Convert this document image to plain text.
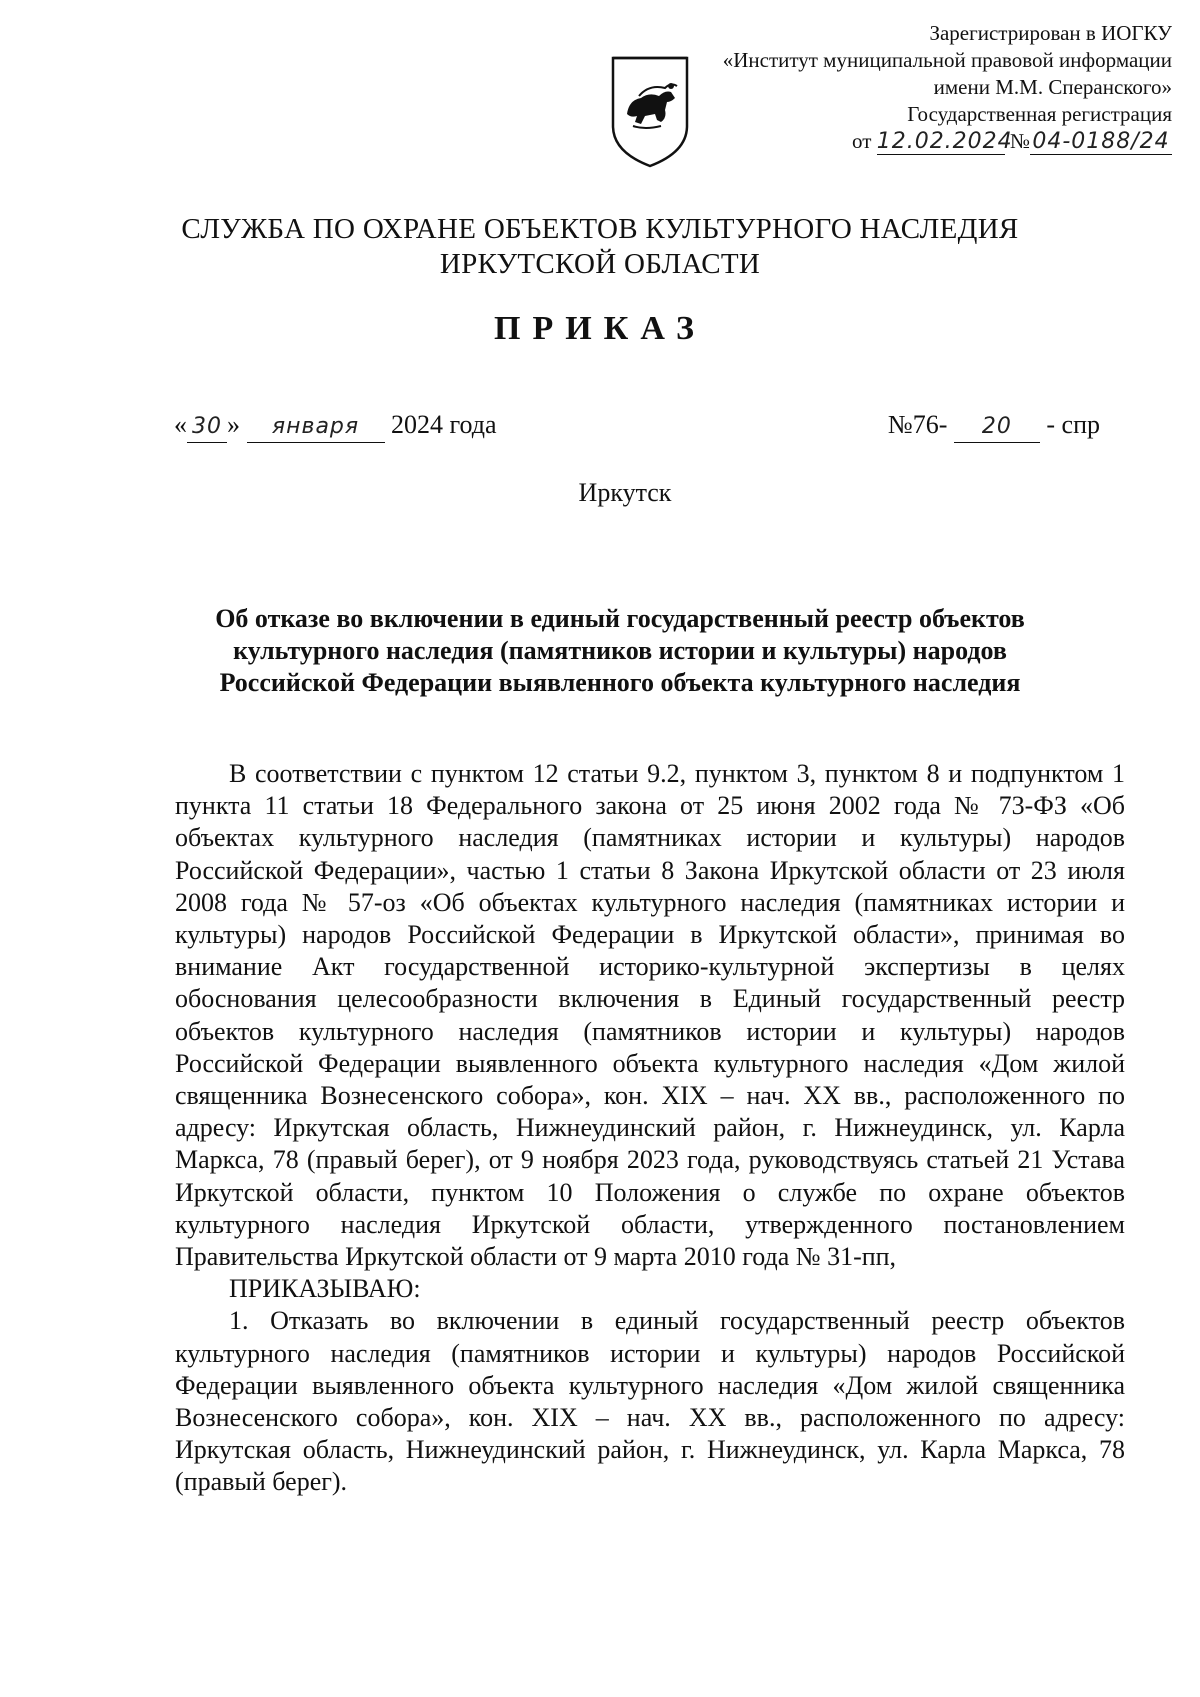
Зарегистрирован в ИОГКУ
«Институт муниципальной правовой информации
имени М.М. Сперанского»
Государственная регистрация
от 12.02.2024 № 04-0188/24
СЛУЖБА ПО ОХРАНЕ ОБЪЕКТОВ КУЛЬТУРНОГО НАСЛЕДИЯ
ИРКУТСКОЙ ОБЛАСТИ
ПРИКАЗ
« 30 » января 2024 года	№76- 20 - спр
Иркутск
Об отказе во включении в единый государственный реестр объектов культурного наследия (памятников истории и культуры) народов Российской Федерации выявленного объекта культурного наследия

В соответствии с пунктом 12 статьи 9.2, пунктом 3, пунктом 8 и подпунктом 1 пункта 11 статьи 18 Федерального закона от 25 июня 2002 года № 73-ФЗ «Об объектах культурного наследия (памятниках истории и культуры) народов Российской Федерации», частью 1 статьи 8 Закона Иркутской области от 23 июля 2008 года № 57-оз «Об объектах культурного наследия (памятниках истории и культуры) народов Российской Федерации в Иркутской области», принимая во внимание Акт государственной историко-культурной экспертизы в целях обоснования целесообразности включения в Единый государственный реестр объектов культурного наследия (памятников истории и культуры) народов Российской Федерации выявленного объекта культурного наследия «Дом жилой священника Вознесенского собора», кон. XIX – нач. XX вв., расположенного по адресу: Иркутская область, Нижнеудинский район, г. Нижнеудинск, ул. Карла Маркса, 78 (правый берег), от 9 ноября 2023 года, руководствуясь статьей 21 Устава Иркутской области, пунктом 10 Положения о службе по охране объектов культурного наследия Иркутской области, утвержденного постановлением Правительства Иркутской области от 9 марта 2010 года № 31-пп,

ПРИКАЗЫВАЮ:

1. Отказать во включении в единый государственный реестр объектов культурного наследия (памятников истории и культуры) народов Российской Федерации выявленного объекта культурного наследия «Дом жилой священника Вознесенского собора», кон. XIX – нач. XX вв., расположенного по адресу: Иркутская область, Нижнеудинский район, г. Нижнеудинск, ул. Карла Маркса, 78 (правый берег).
